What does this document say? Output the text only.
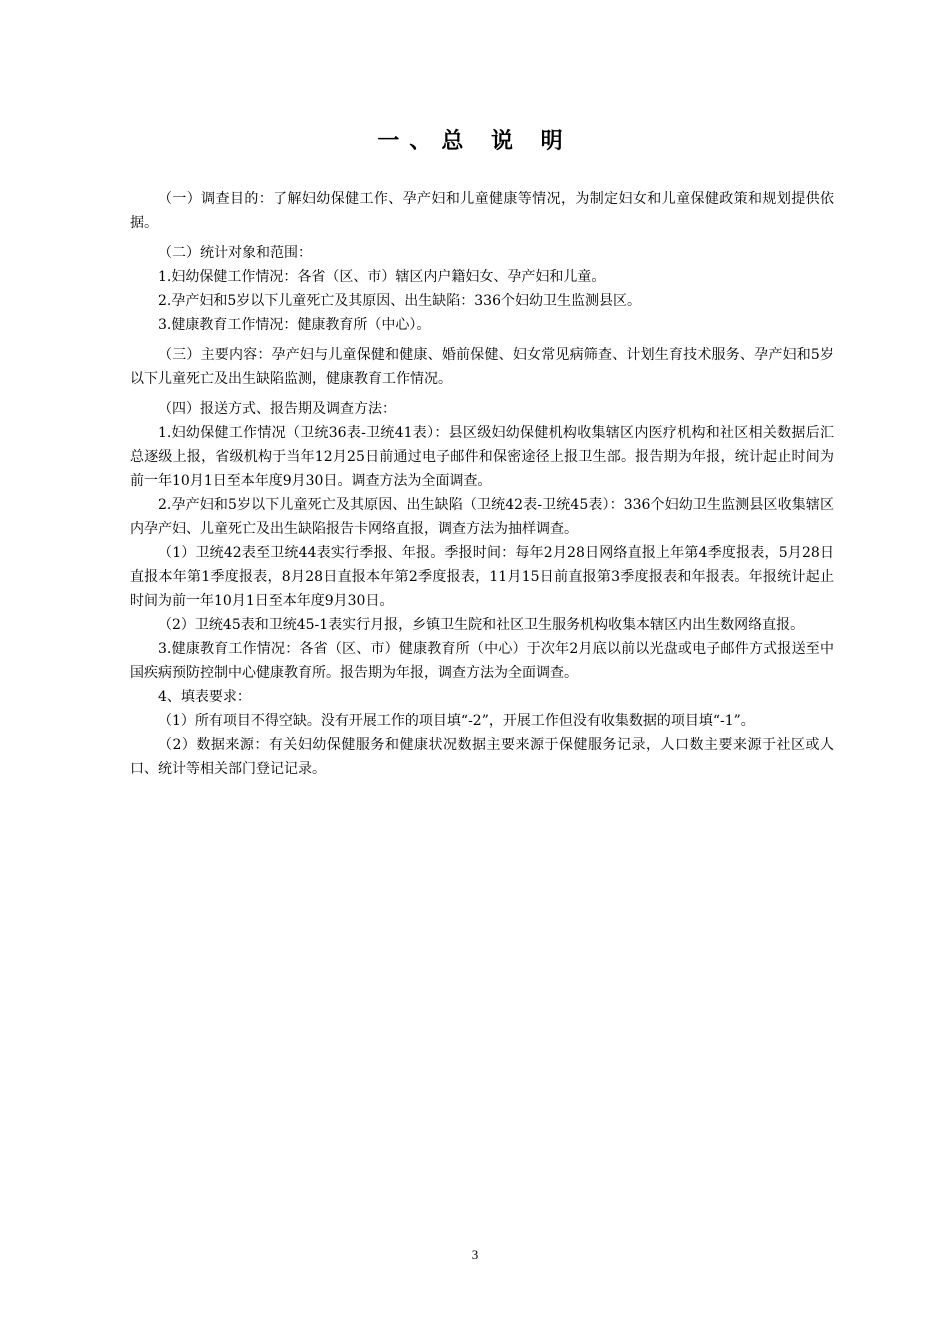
一、总 说 明

（一）调查目的：了解妇幼保健工作、孕产妇和儿童健康等情况，为制定妇女和儿童保健政策和规划提供依据。

（二）统计对象和范围：

1.妇幼保健工作情况：各省（区、市）辖区内户籍妇女、孕产妇和儿童。

2.孕产妇和5岁以下儿童死亡及其原因、出生缺陷：336个妇幼卫生监测县区。

3.健康教育工作情况：健康教育所（中心）。

（三）主要内容：孕产妇与儿童保健和健康、婚前保健、妇女常见病筛查、计划生育技术服务、孕产妇和5岁以下儿童死亡及出生缺陷监测，健康教育工作情况。

（四）报送方式、报告期及调查方法：

1.妇幼保健工作情况（卫统36表-卫统41表）：县区级妇幼保健机构收集辖区内医疗机构和社区相关数据后汇总逐级上报，省级机构于当年12月25日前通过电子邮件和保密途径上报卫生部。报告期为年报，统计起止时间为前一年10月1日至本年度9月30日。调查方法为全面调查。

2.孕产妇和5岁以下儿童死亡及其原因、出生缺陷（卫统42表-卫统45表）：336个妇幼卫生监测县区收集辖区内孕产妇、儿童死亡及出生缺陷报告卡网络直报，调查方法为抽样调查。

（1）卫统42表至卫统44表实行季报、年报。季报时间：每年2月28日网络直报上年第4季度报表，5月28日直报本年第1季度报表，8月28日直报本年第2季度报表，11月15日前直报第3季度报表和年报表。年报统计起止时间为前一年10月1日至本年度9月30日。

（2）卫统45表和卫统45-1表实行月报，乡镇卫生院和社区卫生服务机构收集本辖区内出生数网络直报。

3.健康教育工作情况：各省（区、市）健康教育所（中心）于次年2月底以前以光盘或电子邮件方式报送至中国疾病预防控制中心健康教育所。报告期为年报，调查方法为全面调查。

4、填表要求：

（1）所有项目不得空缺。没有开展工作的项目填“-2”，开展工作但没有收集数据的项目填“-1”。

（2）数据来源：有关妇幼保健服务和健康状况数据主要来源于保健服务记录，人口数主要来源于社区或人口、统计等相关部门登记记录。

3
